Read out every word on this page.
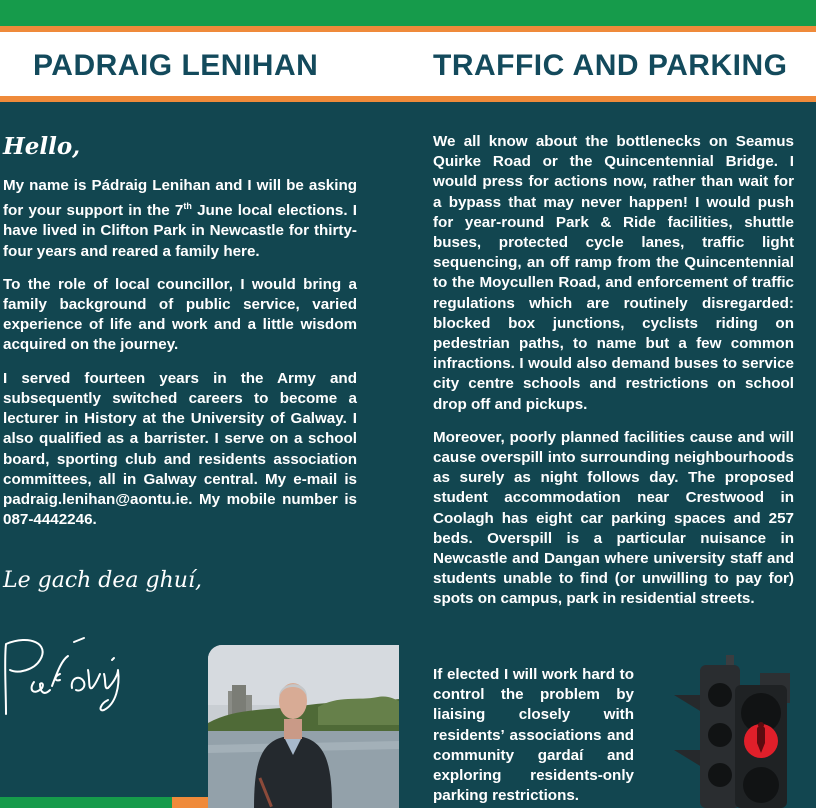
PADRAIG LENIHAN	TRAFFIC AND PARKING
Hello,

My name is Pádraig Lenihan and I will be asking for your support in the 7th June local elections. I have lived in Clifton Park in Newcastle for thirty-four years and reared a family here.

To the role of local councillor, I would bring a family background of public service, varied experience of life and work and a little wisdom acquired on the journey.

I served fourteen years in the Army and subsequently switched careers to become a lecturer in History at the University of Galway. I also qualified as a barrister. I serve on a school board, sporting club and residents association committees, all in Galway central. My e-mail is padraig.lenihan@aontu.ie. My mobile number is 087-4442246.

Le gach dea ghuí,

We all know about the bottlenecks on Seamus Quirke Road or the Quincentennial Bridge. I would press for actions now, rather than wait for a bypass that may never happen! I would push for year-round Park & Ride facilities, shuttle buses, protected cycle lanes, traffic light sequencing, an off ramp from the Quincentennial to the Moycullen Road, and enforcement of traffic regulations which are routinely disregarded: blocked box junctions, cyclists riding on pedestrian paths, to name but a few common infractions. I would also demand buses to service city centre schools and restrictions on school drop off and pickups.

Moreover, poorly planned facilities cause and will cause overspill into surrounding neighbourhoods as surely as night follows day. The proposed student accommodation near Crestwood in Coolagh has eight car parking spaces and 257 beds. Overspill is a particular nuisance in Newcastle and Dangan where university staff and students unable to find (or unwilling to pay for) spots on campus, park in residential streets.

If elected I will work hard to control the problem by liaising closely with residents’ associations and community gardaí and exploring residents-only parking restrictions.
